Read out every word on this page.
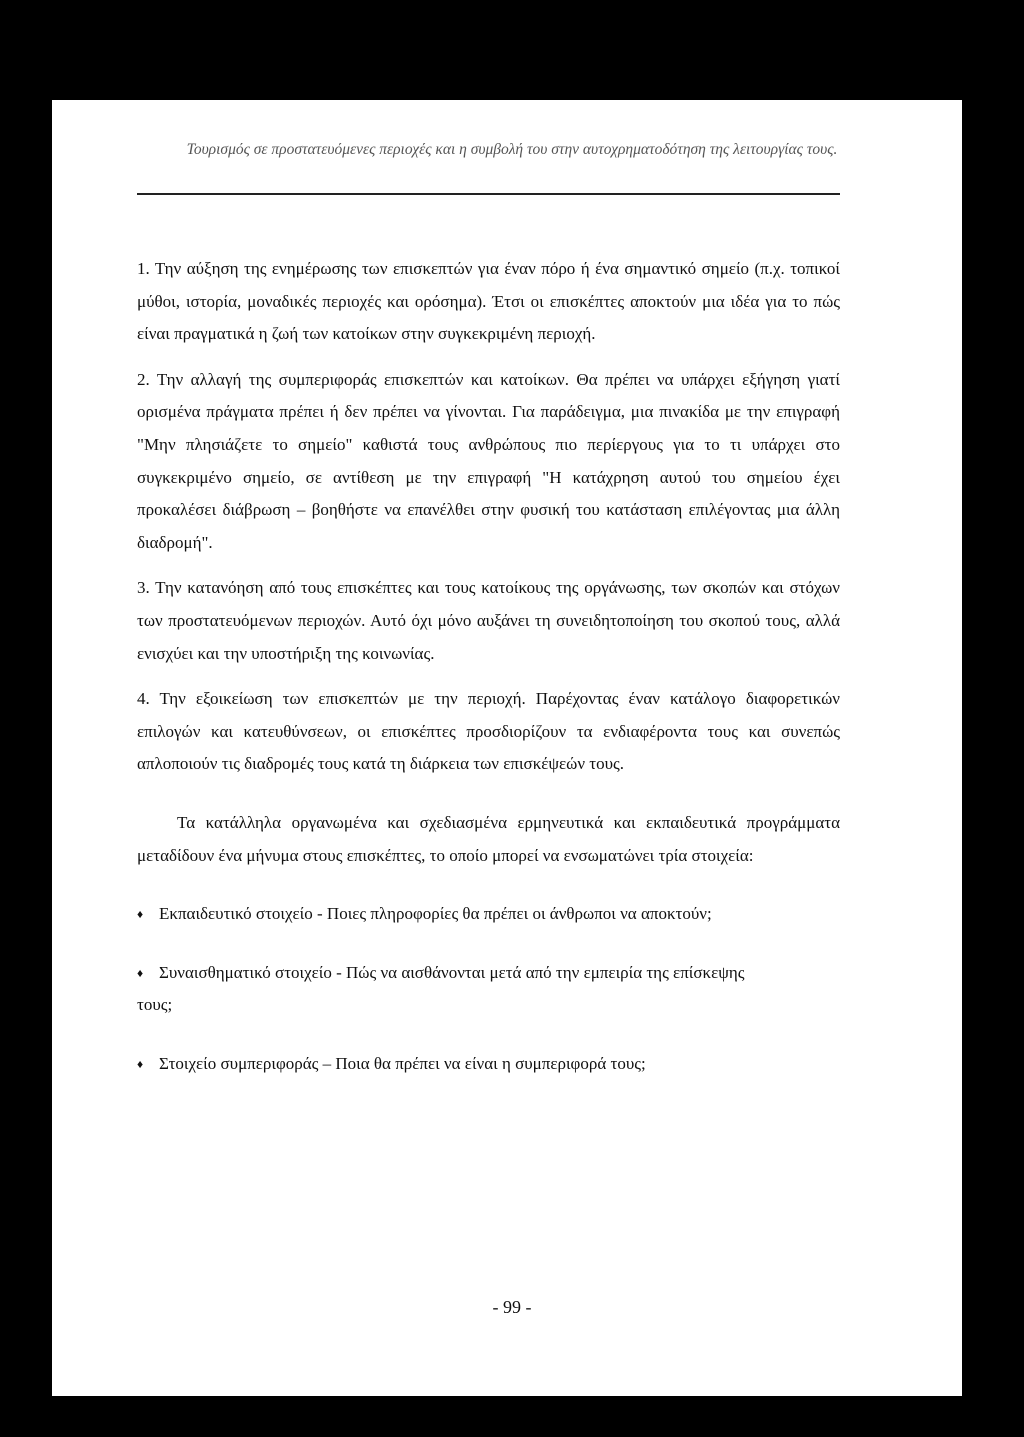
Τουρισμός σε προστατευόμενες περιοχές και η συμβολή του στην αυτοχρηματοδότηση της λειτουργίας τους.

1. Την αύξηση της ενημέρωσης των επισκεπτών για έναν πόρο ή ένα σημαντικό σημείο (π.χ. τοπικοί μύθοι, ιστορία, μοναδικές περιοχές και ορόσημα). Έτσι οι επισκέπτες αποκτούν μια ιδέα για το πώς είναι πραγματικά η ζωή των κατοίκων στην συγκεκριμένη περιοχή.

2. Την αλλαγή της συμπεριφοράς επισκεπτών και κατοίκων. Θα πρέπει να υπάρχει εξήγηση γιατί ορισμένα πράγματα πρέπει ή δεν πρέπει να γίνονται. Για παράδειγμα, μια πινακίδα με την επιγραφή "Μην πλησιάζετε το σημείο" καθιστά τους ανθρώπους πιο περίεργους για το τι υπάρχει στο συγκεκριμένο σημείο, σε αντίθεση με την επιγραφή "Η κατάχρηση αυτού του σημείου έχει προκαλέσει διάβρωση – βοηθήστε να επανέλθει στην φυσική του κατάσταση επιλέγοντας μια άλλη διαδρομή".

3. Την κατανόηση από τους επισκέπτες και τους κατοίκους της οργάνωσης, των σκοπών και στόχων των προστατευόμενων περιοχών. Αυτό όχι μόνο αυξάνει τη συνειδητοποίηση του σκοπού τους, αλλά ενισχύει και την υποστήριξη της κοινωνίας.

4. Την εξοικείωση των επισκεπτών με την περιοχή. Παρέχοντας έναν κατάλογο διαφορετικών επιλογών και κατευθύνσεων, οι επισκέπτες προσδιορίζουν τα ενδιαφέροντα τους και συνεπώς απλοποιούν τις διαδρομές τους κατά τη διάρκεια των επισκέψεών τους.

Τα κατάλληλα οργανωμένα και σχεδιασμένα ερμηνευτικά και εκπαιδευτικά προγράμματα μεταδίδουν ένα μήνυμα στους επισκέπτες, το οποίο μπορεί να ενσωματώνει τρία στοιχεία:

♦ Εκπαιδευτικό στοιχείο - Ποιες πληροφορίες θα πρέπει οι άνθρωποι να αποκτούν;
♦ Συναισθηματικό στοιχείο - Πώς να αισθάνονται μετά από την εμπειρία της επίσκεψης

τους;

♦ Στοιχείο συμπεριφοράς – Ποια θα πρέπει να είναι η συμπεριφορά τους;

- 99 -
